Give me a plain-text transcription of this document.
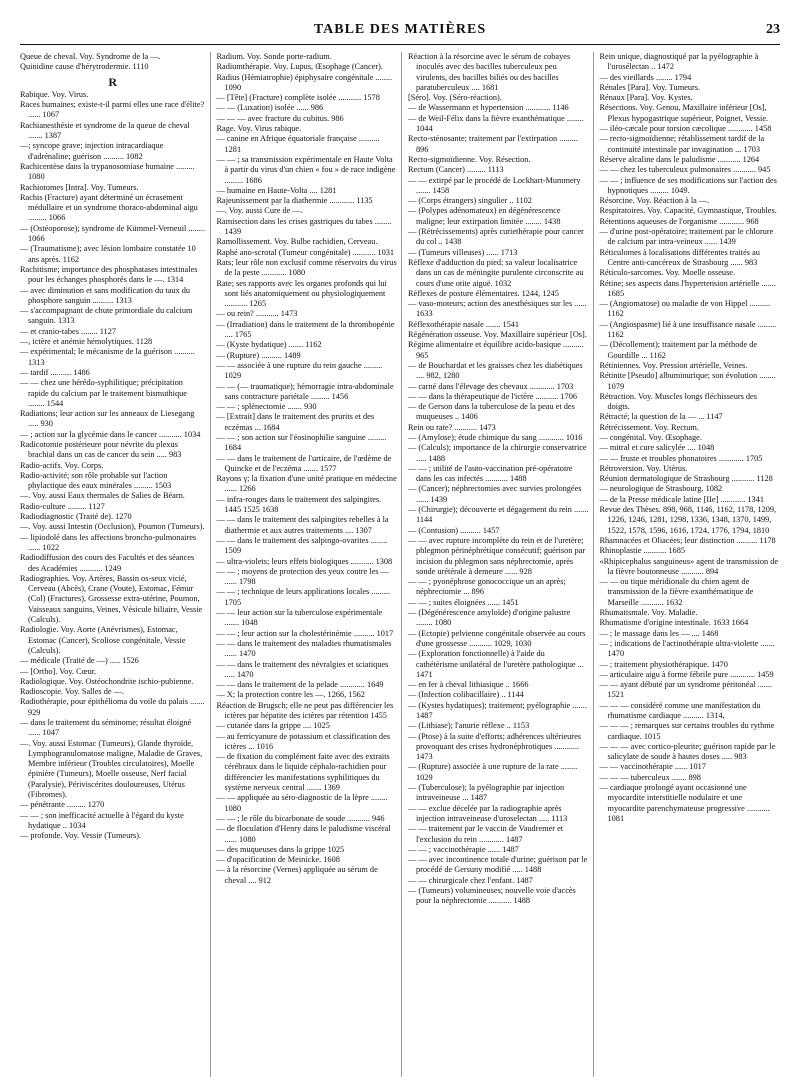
TABLE DES MATIÈRES	23
Queue de cheval. Voy. Syndrome de la —.
Quinidine cause d'hérytrodermie. 1110
R
Rabique. Voy. Virus.
Races humaines; existe-t-il parmi elles une race d'élite? ...... 1067
Rachianesthésie et syndrome de la queue de cheval ....... 1387
—; syncope grave; injection intracardiaque d'adrénaline; guérison .......... 1082
Rachicentèse dans la trypanosomiase humaine ......... 1080
Rachiotomes [Intra]. Voy. Tumeurs.
Rachis (Fracture) ayant déterminé un écrasement médullaire et un syndrome thoraco-abdominal aigu ......... 1066
— (Ostéoporose); syndrome de Kümmel-Verneuil ........ 1066
— (Traumatisme); avec lésion lombaire constatée 10 ans après. 1162
Rachitisme; importance des phosphatases intestinales pour les échanges phosphorés dans le —. 1314
— avec diminution et sans modification du taux du phosphore sanguin .......... 1313
— s'accompagnant de chute primordiale du calcium sanguin. 1313
— et cranio-tabes ........ 1127
—, ictère et anémie hémolytiques. 1128
— expérimental; le mécanisme de la guérison .......... 1313
— tardif .......... 1486
— — chez une hérédo-syphilitique; précipitation rapide du calcium par le traitement bismuthique ........ 1544
Radiations; leur action sur les anneaux de Liesegang ..... 930
— ; action sur la glycémie dans le cancer ........... 1034
Radicotomie postérieure pour névrite du plexus brachial dans un cas de cancer du sein ..... 983
Radio-actifs. Voy. Corps.
Radio-activité; son rôle probable sur l'action phylactique des eaux minérales ......... 1503
—. Voy. aussi Eaux thermales de Salies de Béarn.
Radio-culture ......... 1127
Radiodiagnostic (Traité de). 1270
—. Voy. aussi Intestin (Occlusion), Poumon (Tumeurs).
— lipiodolé dans les affections broncho-pulmonaires ...... 1022
Radiodiffusion des cours des Facultés et des séances des Académies ........... 1249
Radiographies. Voy. Artères, Bassin os-seux vicié, Cerveau (Abcès), Crane (Voute), Estomac, Fémur (Col) (Fractures), Grossesse extra-utérine, Poumon, Vaisseaux sanguins, Veines, Vésicule biliaire, Vessie (Calculs).
Radiologie. Voy. Aorte (Anévrismes), Estomac, Estomac (Cancer), Scoliose congénitale, Vessie (Calculs).
— médicale (Traité de —) ..... 1526
— [Ortho]. Voy. Cœur.
Radiologique. Voy. Ostéochondrite ischio-pubienne.
Radioscopie. Voy. Salles de —.
Radiothérapie, pour épithélioma du voile du palais ....... 929
— dans le traitement du séminome; résultat éloigné ...... 1047
—. Voy. aussi Estomac (Tumeurs), Glande thyroïde, Lymphogranulomatose maligne, Maladie de Graves, Membre inférieur (Troubles circulatoires), Moelle épinière (Tumeurs), Moelle osseuse, Nerf facial (Paralysie), Périviscérites douloureuses, Utérus (Fibromes).
— pénétrante ......... 1270
— — ; son inefficacité actuelle à l'égard du kyste hydatique .. 1034
— profonde. Voy. Vessie (Tumeurs).
Radium. Voy. Sonde porte-radium.
Radiumthérapie. Voy. Lupus, Œsophage (Cancer).
Radius (Hémiatrophie) épiphysaire congénitale ........ 1090
— [Tête] (Fracture) complète isolée ........... 1578
— — (Luxation) isolée ...... 986
— — — avec fracture du cubitus. 986
Rage. Voy. Virus rabique.
— canine en Afrique équatoriale française .......... 1281
— — ; sa transmission expérimentale en Haute Volta à partir du virus d'un chien « fou » de race indigène ......... 1686
— humaine en Haute-Volta .... 1281
Rajeunissement par la diathermie ............ 1135
—. Voy. aussi Cure de —.
Ramisection dans les crises gastriques du tabes ........ 1439
Ramollissement. Voy. Bulbe rachidien, Cerveau.
Raphé ano-scrotal (Tumeur congénitale) ........... 1031
Rats; leur rôle non exclusif comme réservoirs du virus de la peste ............ 1080
Rate; ses rapports avec les organes profonds qui lui sont liés anatomiquement ou physiologiquement ........... 1265
— ou rein? ........... 1473
— (Irradiation) dans le traitement de la thrombopénie .... 1765
— (Kyste hydatique) ....... 1162
— (Rupture) .......... 1489
— — associée à une rupture du rein gauche ......... 1029
— — (— traumatique); hémorragie intra-abdominale sans contracture pariétale ......... 1456
— — ; splénectomie ....... 930
— [Extrait] dans le traitement des prurits et des eczémas ... 1684
— — ; son action sur l'éosinophilie sanguine ......... 1684
— — dans le traitement de l'urticaire, de l'œdème de Quincke et de l'eczéma ....... 1577
Rayons γ; la fixation d'une unité pratique en médecine ...... 1266
— infra-rouges dans le traitement des salpingites. 1445 1525 1638
— — dans le traitement des salpingites rebelles à la diathermie et aux autres traitements .... 1307
— — dans le traitement des salpingo-ovarites ........ 1509
— ultra-violets; leurs effets biologiques ........... 1308
— — ; moyens de protection des yeux contre les — ...... 1798
— — ; technique de leurs applications locales ......... 1705
— — leur action sur la tuberculose expérimentale ....... 1048
— — ; leur action sur la cholestérinémie .......... 1017
— — dans le traitement des maladies rhumatismales ...... 1470
— — dans le traitement des névralgies et sciatiques ..... 1470
— — dans le traitement de la pelade ............ 1649
— X; la protection contre les —. 1266, 1562
Réaction de Brugsch; elle ne peut pas différencier les ictères par hépatite des ictères par rétention 1455
— cutanée dans la grippe .... 1025
— au ferricyanure de potassium et classification des ictères ... 1016
— de fixation du complément faite avec des extraits cérébraux dans le liquide céphalo-rachidien pour différencier les manifestations syphilitiques du système nerveux central ....... 1369
— — appliquée au séro-diagnostic de la lèpre ........ 1080
— — ; le rôle du bicarbonate de soude ........... 946
— de floculation d'Henry dans le paludisme viscéral ...... 1080
— des muqueuses dans la grippe 1025
— d'opacification de Meinicke. 1608
— à la résorcine (Vernes) appliquée au sérum de cheval .... 912
Réaction à la résorcine avec le sérum de cobayes inoculés avec des bacilles tuberculeux peu virulents, des bacilles biliés ou des bacilles paratuberculeux .... 1681
[Séro]. Voy. (Séro-réaction).
— de Wassermann et hypertension ............ 1146
— de Weil-Félix dans la fièvre exanthématique ........ 1044
Recto-sténosante; traitement par l'extirpation ......... 896
Recto-sigmoïdienne. Voy. Résection.
Rectum (Cancer) ......... 1113
— — extirpé par le procédé de Lockhart-Mummery ....... 1458
— (Corps étrangers) singulier .. 1102
— (Polypes adénomateux) en dégénérescence maligne; leur extirpation limitée ........ 1438
— (Rétrécissements) après curiethérapie pour cancer du col .. 1438
— (Tumeurs villeuses) ...... 1713
Réflexe d'adduction du pied; sa valeur localisatrice dans un cas de méningite purulente circonscrite au cours d'une otite aiguë. 1032
Réflexes de posture élémentaires. 1244, 1245
— vaso-moteurs; action des anesthésiques sur les ...... 1633
Réflexothérapie nasale ....... 1541
Régénération osseuse. Voy. Maxillaire supérieur [Os].
Régime alimentaire et équilibre acido-basique .......... 965
— de Bouchardat et les graisses chez les diabétiques .... 982, 1280
— carné dans l'élevage des chevaux ............ 1703
— — dans la thérapeutique de l'ictère ........... 1706
— de Gerson dans la tuberculose de la peau et des muqueuses .. 1406
Rein ou rate? ........... 1473
— (Amylose); étude chimique du sang ............ 1016
— (Calculs); importance de la chirurgie conservatrice ..... 1488
— — ; utilité de l'auto-vaccination pré-opératoire dans les cas infectés ........... 1488
— (Cancer); néphrectomies avec survies prolongées ...... 1439
— (Chirurgie); découverte et dégagement du rein ....... 1144
— (Contusion) .......... 1457
— — avec rupture incomplète du rein et de l'uretère; phlegmon périnéphrétique consécutif; guérison par incision du phlegmon sans néphrectomie, après sonde urétérale à demeure ...... 928
— — ; pyonéphrose gonococcique un an après; néphrectomie ... 896
— — ; suites éloignées ...... 1451
— (Dégénérescence amyloïde) d'origine palustre ........ 1080
— (Ectopie) pelvienne congénitale observée au cours d'une grossesse ........... 1029, 1030
— (Exploration fonctionnelle) à l'aide du cathétérisme unilatéral de l'uretère pathologique ... 1471
— en fer à cheval lithiasique .. 1666
— (Infection colibacillaire) .. 1144
— (Kystes hydatiques); traitement; pyélographie ....... 1487
— (Lithiase); l'anurie réflexe .. 1153
— (Ptose) à la suite d'efforts; adhérences ultérieures provoquant des crises hydronéphrotiques ............ 1473
— (Rupture) associée à une rupture de la rate ........ 1029
— (Tuberculose); la pyélographie par injection intraveineuse ... 1487
— — exclue décelée par la radiographie après injection intraveineuse d'uroselectan ..... 1113
— — traitement par le vaccin de Vaudremer et l'exclusion du rein ............ 1487
— — ; vaccinothérapie ...... 1487
— — avec incontinence totale d'urine; guérison par le procédé de Gersuny modifié ..... 1488
— — chirurgicale chez l'enfant. 1487
— (Tumeurs) volumineuses; nouvelle voie d'accès pour la néphrectomie ........... 1488
Rein unique, diagnostiqué par la pyélographie à l'urosélectan .. 1472
— des vieillards ........ 1794
Rénales [Para]. Voy. Tumeurs.
Rénaux [Para]. Voy. Kystes.
Résections. Voy. Genou, Maxillaire inférieur [Os], Plexus hypogastrique supérieur, Poignet, Vessie.
— iléo-cæcale pour torsion cæcolique ............ 1458
— recto-sigmoïdienne; rétablissement tardif de la continuité intestinale par invagination ... 1703
Réserve alcaline dans le paludisme ........... 1264
— — chez les tuberculeux pulmonaires ........... 945
— — ; influence de ses modifications sur l'action des hypnotiques ......... 1049.
Résorcine. Voy. Réaction à la —.
Respiratoires. Voy. Capacité, Gymnastique, Troubles.
Rétentions aqueuses de l'organisme ............ 968
— d'urine post-opératoire; traitement par le chlorure de calcium par intra-veineux ...... 1439
Réticulomes à localisations différentes traités au Centre anti-cancéreux de Strasbourg ...... 983
Réticulo-sarcomes. Voy. Moelle osseuse.
Rétine; ses aspects dans l'hypertension artérielle ....... 1685
— (Angiomatose) ou maladie de von Hippel .......... 1162
— (Angiospasme) lié à une insuffisance nasale ......... 1162
— (Décollement); traitement par la méthode de Gourdille ... 1162
Rétiniennes. Voy. Pression artérielle, Veines.
Rétinite [Pseudo] albuminurique; son évolution ........ 1079
Rétraction. Voy. Muscles longs fléchisseurs des doigts.
Rétracté; la question de la — ... 1147
Rétrécissement. Voy. Rectum.
— congénital. Voy. Œsophage.
— mitral et cure salicylée .... 1048
— — fruste et troubles phonatoires ............ 1705
Rétroversion. Voy. Utérus.
Réunion dermatologique de Strasbourg ........... 1128
— neurologique de Strasbourg. 1082
— de la Presse médicale latine [IIe] ............ 1341
Revue des Thèses. 898, 968, 1146, 1162, 1178, 1209, 1226, 1246, 1281, 1298, 1336, 1348, 1370, 1499, 1522, 1578, 1596, 1616, 1724, 1776, 1794, 1810
Rhamnacées et Oliacées; leur distinction .......... 1178
Rhinoplastie ........... 1685
«Rhipicephalus sanguineus» agent de transmission de la fièvre boutonneuse ........... 894
— — ou tique méridionale du chien agent de transmission de la fièvre exanthématique de Marseille ........... 1632
Rhumatismale. Voy. Maladie.
Rhumatisme d'origine intestinale. 1633 1664
— ; le massage dans les — .... 1468
— ; indications de l'actinothérapie ultra-violette ....... 1470
— ; traitement physiothérapique. 1470
— articulaire aigu à forme fébrile pure ............ 1459
— — ayant débuté par un syndrome péritonéal ....... 1521
— — — considéré comme une manifestation du rhumatisme cardiaque .......... 1314,
— — — ; remarques sur certains troubles du rythme cardiaque. 1015
— — — avec cortico-pleurite; guérison rapide par le salicylate de soude à hautes doses ..... 983
— — vaccinothérapie ...... 1017
— — — tuberculeux ....... 898
— cardiaque prolongé ayant occasionné une myocardite interstitielle nodulaire et une myocardite parenchymateuse progressive ........... 1081
